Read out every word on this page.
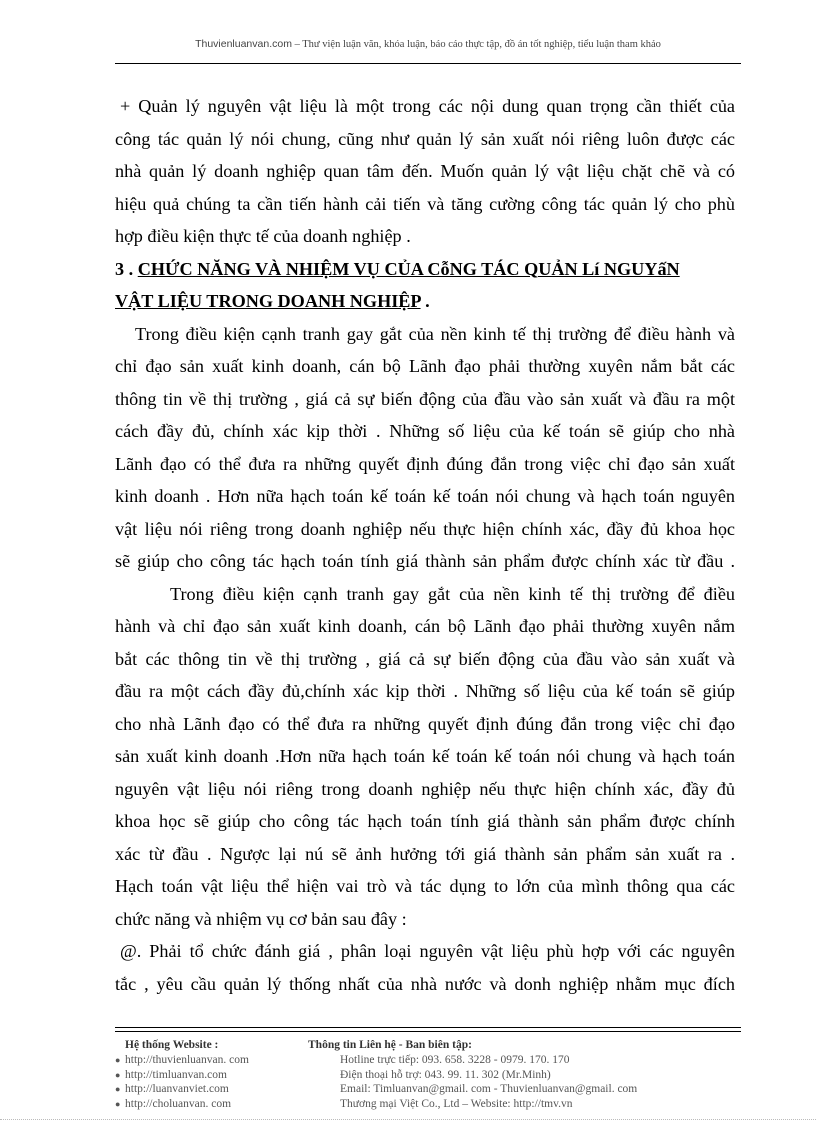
Thuvienluanvan.com – Thư viện luận văn, khóa luận, báo cáo thực tập, đồ án tốt nghiệp, tiểu luận tham khảo
+ Quản lý nguyên vật liệu là một trong các nội dung quan trọng cần thiết của
công tác quản lý nói chung, cũng như quản lý sản xuất nói riêng luôn được các
nhà quản lý doanh nghiệp quan tâm đến. Muốn quản lý vật liệu chặt chẽ và có
hiệu quả chúng ta cần tiến hành cải tiến và tăng cường công tác quản lý cho phù
hợp điều kiện thực tế của doanh nghiệp .
3 . CHỨC NĂNG VÀ NHIỆM VỤ CỦA CỗNG TÁC QUẢN Lí NGUYấN
VẬT LIỆU TRONG DOANH NGHIỆP .
Trong điều kiện cạnh tranh gay gắt của nền kinh tế thị trường để điều hành và
chỉ đạo sản xuất kinh doanh, cán bộ Lãnh đạo phải thường xuyên nắm bắt các
thông tin về thị trường , giá cả sự biến động của đầu vào sản xuất và đầu ra một
cách đầy đủ, chính xác kịp thời . Những số liệu của kế toán sẽ giúp cho nhà
Lãnh đạo có thể đưa ra những quyết định đúng đắn trong việc chỉ đạo sản xuất
kinh doanh . Hơn nữa hạch toán kế toán kế toán nói chung và hạch toán nguyên
vật liệu nói riêng trong doanh nghiệp nếu thực hiện chính xác, đầy đủ khoa học
sẽ giúp cho công tác hạch toán tính giá thành sản phẩm được chính xác từ đầu .
Trong điều kiện cạnh tranh gay gắt của nền kinh tế thị trường để điều
hành và chỉ đạo sản xuất kinh doanh, cán bộ Lãnh đạo phải thường xuyên nắm
bắt các thông tin về thị trường , giá cả sự biến động của đầu vào sản xuất và
đầu ra một cách đầy đủ,chính xác kịp thời . Những số liệu của kế toán sẽ giúp
cho nhà Lãnh đạo có thể đưa ra những quyết định đúng đắn trong việc chỉ đạo
sản xuất kinh doanh .Hơn nữa hạch toán kế toán kế toán nói chung và hạch toán
nguyên vật liệu nói riêng trong doanh nghiệp nếu thực hiện chính xác, đầy đủ
khoa học sẽ giúp cho công tác hạch toán tính giá thành sản phẩm được chính
xác từ đầu . Ngược lại nú sẽ ảnh hưởng tới giá thành sản phẩm sản xuất ra .
Hạch toán vật liệu thể hiện vai trò và tác dụng to lớn của mình thông qua các
chức năng và nhiệm vụ cơ bản sau đây :
@. Phải tổ chức đánh giá , phân loại nguyên vật liệu phù hợp với các nguyên
tắc , yêu cầu quản lý thống nhất của nhà nước và donh nghiệp nhằm mục đích
Hệ thống Website :
● http://thuvienluanvan. com
● http://timluanvan.com
● http://luanvanviet.com
● http://choluanvan. com
Thông tin Liên hệ - Ban biên tập:
Hotline trực tiếp: 093. 658. 3228 - 0979. 170. 170
Điện thoại hỗ trợ: 043. 99. 11. 302 (Mr.Minh)
Email: Timluanvan@gmail. com - Thuvienluanvan@gmail. com
Thương mại Việt Co., Ltd – Website: http://tmv.vn
